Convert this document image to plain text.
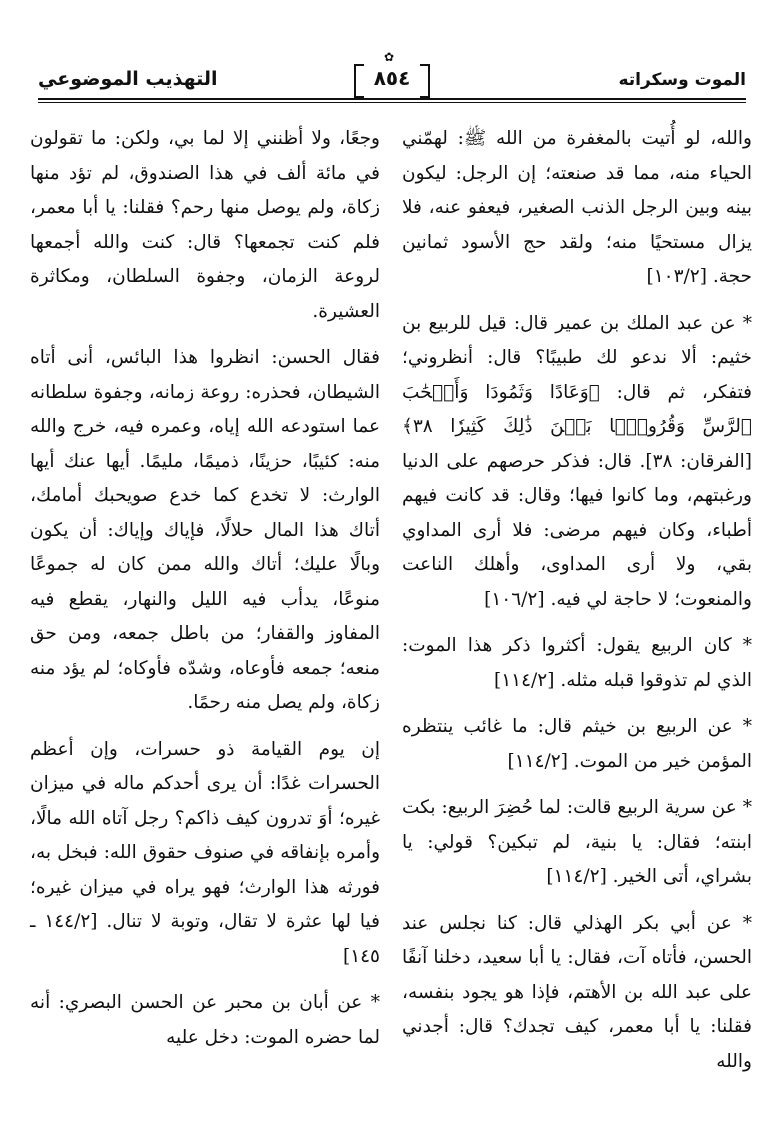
الموت وسكراته
✿
٨٥٤
التهذيب الموضوعي

والله، لو أُتيت بالمغفرة من الله ﷺ: لهمّني الحياء منه، مما قد صنعته؛ إن الرجل: ليكون بينه وبين الرجل الذنب الصغير، فيعفو عنه، فلا يزال مستحيًا منه؛ ولقد حج الأسود ثمانين حجة. [١٠٣/٢]

* عن عبد الملك بن عمير قال: قيل للربيع بن خثيم: ألا ندعو لك طبيبًا؟ قال: أنظروني؛ فتفكر، ثم قال: ﴿وَعَادًا وَثَمُودَا وَأَصۡحَٰبَ ٱلرَّسِّ وَقُرُونَۢا بَيۡنَ ذَٰلِكَ كَثِيرٗا ٣٨﴾ [الفرقان: ٣٨]. قال: فذكر حرصهم على الدنيا ورغبتهم، وما كانوا فيها؛ وقال: قد كانت فيهم أطباء، وكان فيهم مرضى: فلا أرى المداوي بقي، ولا أرى المداوى، وأهلك الناعت والمنعوت؛ لا حاجة لي فيه. [١٠٦/٢]

* كان الربيع يقول: أكثروا ذكر هذا الموت: الذي لم تذوقوا قبله مثله. [١١٤/٢]

* عن الربيع بن خيثم قال: ما غائب ينتظره المؤمن خير من الموت. [١١٤/٢]

* عن سرية الربيع قالت: لما حُضِرَ الربيع: بكت ابنته؛ فقال: يا بنية، لم تبكين؟ قولي: يا بشراي، أتى الخير. [١١٤/٢]

* عن أبي بكر الهذلي قال: كنا نجلس عند الحسن، فأتاه آت، فقال: يا أبا سعيد، دخلنا آنفًا على عبد الله بن الأهتم، فإذا هو يجود بنفسه، فقلنا: يا أبا معمر، كيف تجدك؟ قال: أجدني والله

وجعًا، ولا أظنني إلا لما بي، ولكن: ما تقولون في مائة ألف في هذا الصندوق، لم تؤد منها زكاة، ولم يوصل منها رحم؟ فقلنا: يا أبا معمر، فلم كنت تجمعها؟ قال: كنت والله أجمعها لروعة الزمان، وجفوة السلطان، ومكاثرة العشيرة.

فقال الحسن: انظروا هذا البائس، أنى أتاه الشيطان، فحذره: روعة زمانه، وجفوة سلطانه عما استودعه الله إياه، وعمره فيه، خرج والله منه: كئيبًا، حزينًا، ذميمًا، مليمًا. أيها عنك أيها الوارث: لا تخدع كما خدع صويحبك أمامك، أتاك هذا المال حلالًا، فإياك وإياك: أن يكون وبالًا عليك؛ أتاك والله ممن كان له جموعًا منوعًا، يدأب فيه الليل والنهار، يقطع فيه المفاوز والقفار؛ من باطل جمعه، ومن حق منعه؛ جمعه فأوعاه، وشدّه فأوكاه؛ لم يؤد منه زكاة، ولم يصل منه رحمًا.

إن يوم القيامة ذو حسرات، وإن أعظم الحسرات غدًا: أن يرى أحدكم ماله في ميزان غيره؛ أوَ تدرون كيف ذاكم؟ رجل آتاه الله مالًا، وأمره بإنفاقه في صنوف حقوق الله: فبخل به، فورثه هذا الوارث؛ فهو يراه في ميزان غيره؛ فيا لها عثرة لا تقال، وتوبة لا تنال. [١٤٤/٢ ـ ١٤٥]

* عن أبان بن محبر عن الحسن البصري: أنه لما حضره الموت: دخل عليه
